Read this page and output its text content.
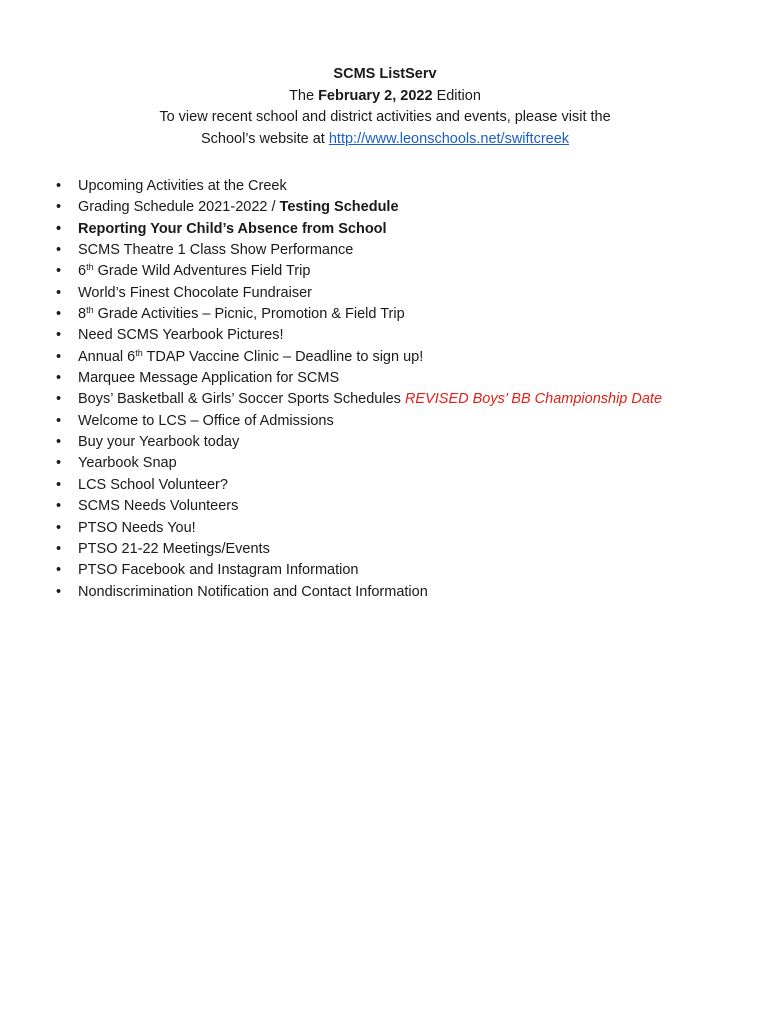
SCMS ListServ
The February 2, 2022 Edition
To view recent school and district activities and events, please visit the
School’s website at http://www.leonschools.net/swiftcreek
•	Upcoming Activities at the Creek
•	Grading Schedule 2021-2022 / Testing Schedule
•	Reporting Your Child’s Absence from School
•	SCMS Theatre 1 Class Show Performance
•	6th Grade Wild Adventures Field Trip
•	World’s Finest Chocolate Fundraiser
•	8th Grade Activities – Picnic, Promotion & Field Trip
•	Need SCMS Yearbook Pictures!
•	Annual 6th TDAP Vaccine Clinic – Deadline to sign up!
•	Marquee Message Application for SCMS
•	Boys’ Basketball & Girls’ Soccer Sports Schedules REVISED Boys’ BB Championship Date
•	Welcome to LCS – Office of Admissions
•	Buy your Yearbook today
•	Yearbook Snap
•	LCS School Volunteer?
•	SCMS Needs Volunteers
•	PTSO Needs You!
•	PTSO 21-22 Meetings/Events
•	PTSO Facebook and Instagram Information
•	Nondiscrimination Notification and Contact Information
